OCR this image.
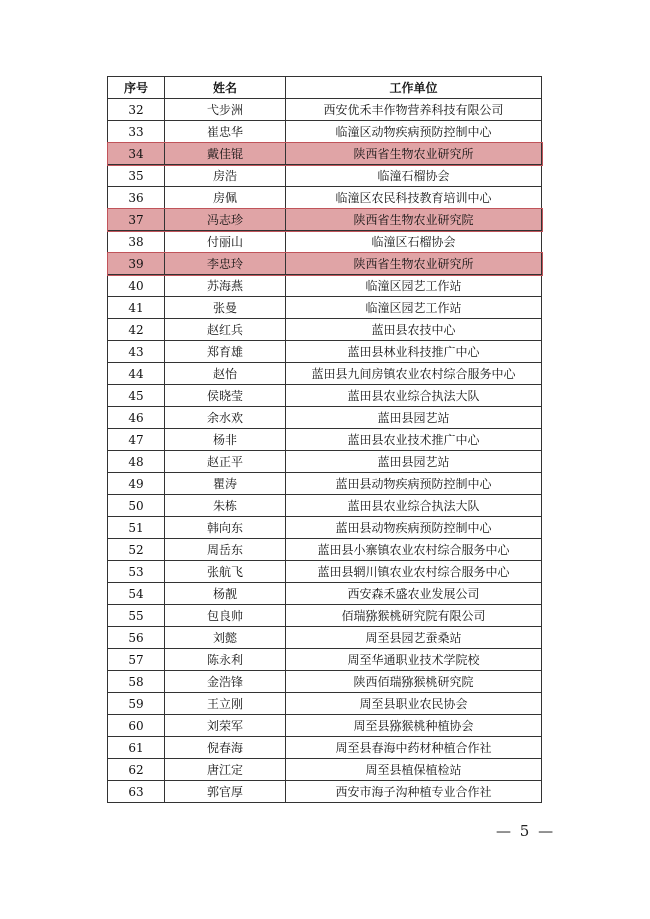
序号	姓名	工作单位
32	弋步洲	西安优禾丰作物营养科技有限公司
33	崔忠华	临潼区动物疾病预防控制中心
34	戴佳锟	陕西省生物农业研究所
35	房浩	临潼石榴协会
36	房佩	临潼区农民科技教育培训中心
37	冯志珍	陕西省生物农业研究院
38	付丽山	临潼区石榴协会
39	李忠玲	陕西省生物农业研究所
40	苏海燕	临潼区园艺工作站
41	张曼	临潼区园艺工作站
42	赵红兵	蓝田县农技中心
43	郑育雄	蓝田县林业科技推广中心
44	赵怡	蓝田县九间房镇农业农村综合服务中心
45	侯晓莹	蓝田县农业综合执法大队
46	余水欢	蓝田县园艺站
47	杨非	蓝田县农业技术推广中心
48	赵正平	蓝田县园艺站
49	瞿涛	蓝田县动物疾病预防控制中心
50	朱栋	蓝田县农业综合执法大队
51	韩向东	蓝田县动物疾病预防控制中心
52	周岳东	蓝田县小寨镇农业农村综合服务中心
53	张航飞	蓝田县辋川镇农业农村综合服务中心
54	杨靓	西安森禾盛农业发展公司
55	包良帅	佰瑞猕猴桃研究院有限公司
56	刘懿	周至县园艺蚕桑站
57	陈永利	周至华通职业技术学院校
58	金浩锋	陕西佰瑞猕猴桃研究院
59	王立刚	周至县职业农民协会
60	刘荣军	周至县猕猴桃种植协会
61	倪春海	周至县春海中药材种植合作社
62	唐江定	周至县植保植检站
63	郭官厚	西安市海子沟种植专业合作社
— 5 —
